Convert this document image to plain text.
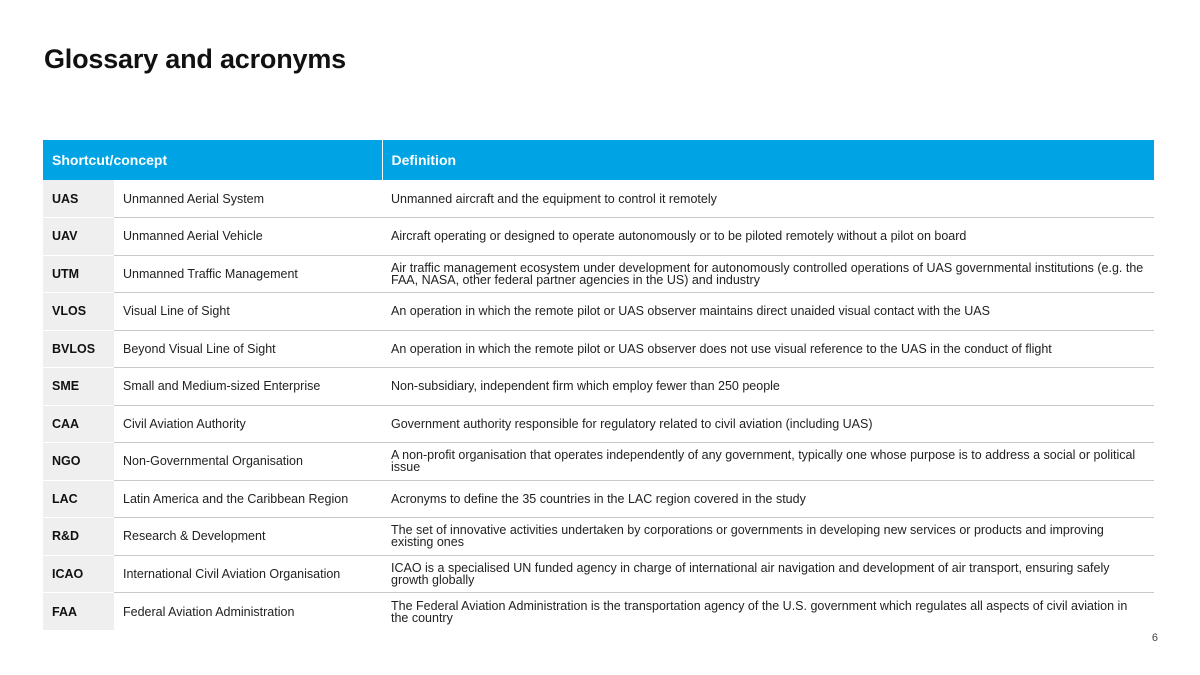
Glossary and acronyms
Shortcut/concept		Definition
UAS	Unmanned Aerial System	Unmanned aircraft and the equipment to control it remotely
UAV	Unmanned Aerial Vehicle	Aircraft operating or designed to operate autonomously or to be piloted remotely without a pilot on board
UTM	Unmanned Traffic Management	Air traffic management ecosystem under development for autonomously controlled operations of UAS governmental institutions (e.g. the FAA, NASA, other federal partner agencies in the US) and industry
VLOS	Visual Line of Sight	An operation in which the remote pilot or UAS observer maintains direct unaided visual contact with the UAS
BVLOS	Beyond Visual Line of Sight	An operation in which the remote pilot or UAS observer does not use visual reference to the UAS in the conduct of flight
SME	Small and Medium-sized Enterprise	Non-subsidiary, independent firm which employ fewer than 250 people
CAA	Civil Aviation Authority	Government authority responsible for regulatory related to civil aviation (including UAS)
NGO	Non-Governmental Organisation	A non-profit organisation that operates independently of any government, typically one whose purpose is to address a social or political issue
LAC	Latin America and the Caribbean Region	Acronyms to define the 35 countries in the LAC region covered in the study
R&D	Research & Development	The set of innovative activities undertaken by corporations or governments in developing new services or products and improving existing ones
ICAO	International Civil Aviation Organisation	ICAO is a specialised UN funded agency in charge of international air navigation and development of air transport, ensuring safely growth globally
FAA	Federal Aviation Administration	The Federal Aviation Administration is the transportation agency of the U.S. government which regulates all aspects of civil aviation in the country
6
